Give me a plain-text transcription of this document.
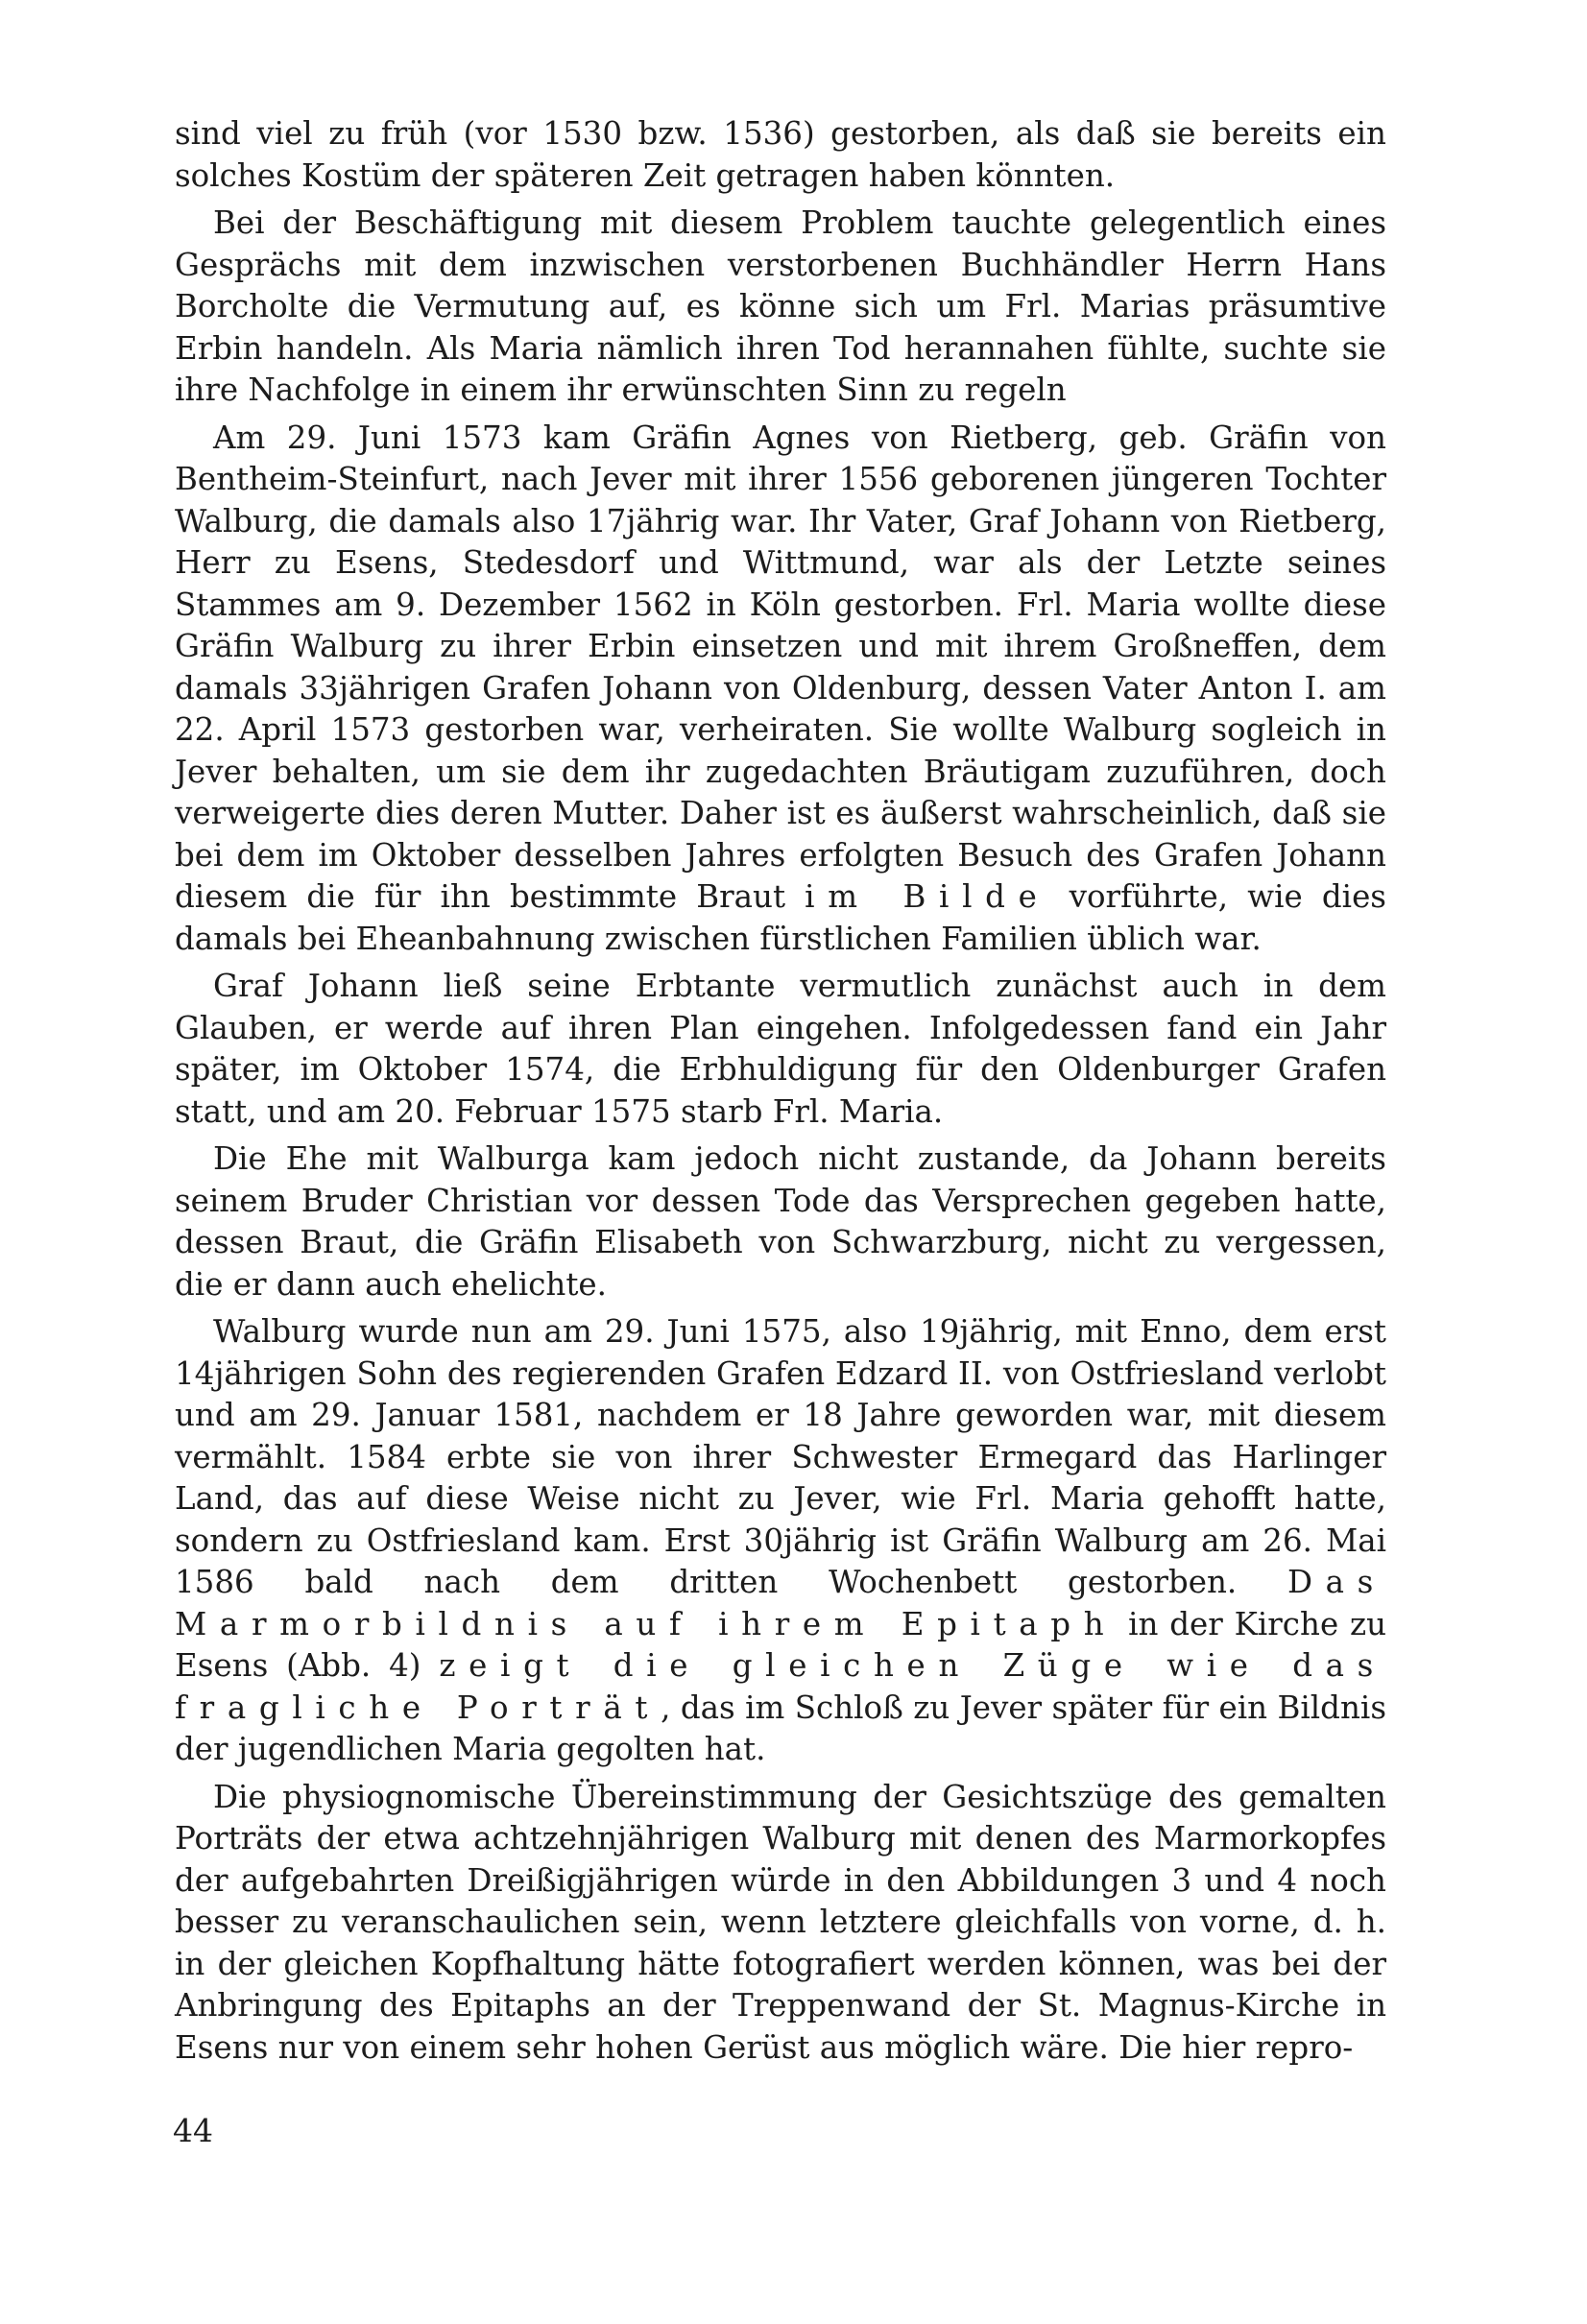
sind viel zu früh (vor 1530 bzw. 1536) gestorben, als daß sie bereits ein solches Kostüm der späteren Zeit getragen haben könnten.

Bei der Beschäftigung mit diesem Problem tauchte gelegentlich eines Gesprächs mit dem inzwischen verstorbenen Buchhändler Herrn Hans Borcholte die Vermutung auf, es könne sich um Frl. Marias präsumtive Erbin handeln. Als Maria nämlich ihren Tod herannahen fühlte, suchte sie ihre Nachfolge in einem ihr erwünschten Sinn zu regeln

Am 29. Juni 1573 kam Gräfin Agnes von Rietberg, geb. Gräfin von Bentheim-Steinfurt, nach Jever mit ihrer 1556 geborenen jüngeren Tochter Walburg, die damals also 17jährig war. Ihr Vater, Graf Johann von Rietberg, Herr zu Esens, Stedesdorf und Wittmund, war als der Letzte seines Stammes am 9. Dezember 1562 in Köln gestorben. Frl. Maria wollte diese Gräfin Walburg zu ihrer Erbin einsetzen und mit ihrem Großneffen, dem damals 33jährigen Grafen Johann von Oldenburg, dessen Vater Anton I. am 22. April 1573 gestorben war, verheiraten. Sie wollte Walburg sogleich in Jever behalten, um sie dem ihr zugedachten Bräutigam zuzuführen, doch verweigerte dies deren Mutter. Daher ist es äußerst wahrscheinlich, daß sie bei dem im Oktober desselben Jahres erfolgten Besuch des Grafen Johann diesem die für ihn bestimmte Braut im Bilde vorführte, wie dies damals bei Eheanbahnung zwischen fürstlichen Familien üblich war.

Graf Johann ließ seine Erbtante vermutlich zunächst auch in dem Glauben, er werde auf ihren Plan eingehen. Infolgedessen fand ein Jahr später, im Oktober 1574, die Erbhuldigung für den Oldenburger Grafen statt, und am 20. Februar 1575 starb Frl. Maria.

Die Ehe mit Walburga kam jedoch nicht zustande, da Johann bereits seinem Bruder Christian vor dessen Tode das Versprechen gegeben hatte, dessen Braut, die Gräfin Elisabeth von Schwarzburg, nicht zu vergessen, die er dann auch ehelichte.

Walburg wurde nun am 29. Juni 1575, also 19jährig, mit Enno, dem erst 14jährigen Sohn des regierenden Grafen Edzard II. von Ostfriesland verlobt und am 29. Januar 1581, nachdem er 18 Jahre geworden war, mit diesem vermählt. 1584 erbte sie von ihrer Schwester Ermegard das Harlinger Land, das auf diese Weise nicht zu Jever, wie Frl. Maria gehofft hatte, sondern zu Ostfriesland kam. Erst 30jährig ist Gräfin Walburg am 26. Mai 1586 bald nach dem dritten Wochenbett gestorben. Das Marmorbildnis auf ihrem Epitaph in der Kirche zu Esens (Abb. 4) zeigt die gleichen Züge wie das fragliche Porträt, das im Schloß zu Jever später für ein Bildnis der jugendlichen Maria gegolten hat.

Die physiognomische Übereinstimmung der Gesichtszüge des gemalten Porträts der etwa achtzehnjährigen Walburg mit denen des Marmorkopfes der aufgebahrten Dreißigjährigen würde in den Abbildungen 3 und 4 noch besser zu veranschaulichen sein, wenn letztere gleichfalls von vorne, d. h. in der gleichen Kopfhaltung hätte fotografiert werden können, was bei der Anbringung des Epitaphs an der Treppenwand der St. Magnus-Kirche in Esens nur von einem sehr hohen Gerüst aus möglich wäre. Die hier repro-

44
